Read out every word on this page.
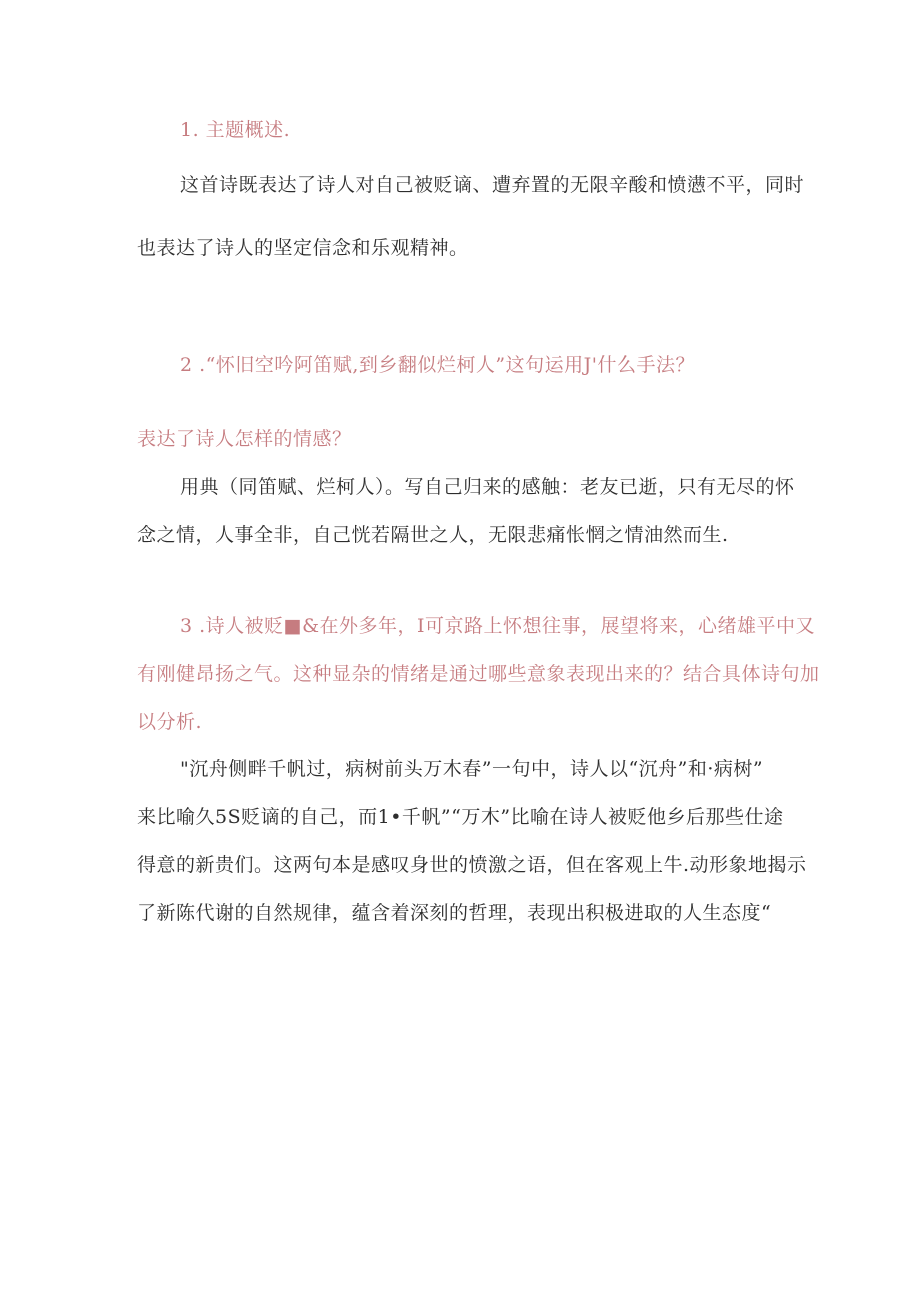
1. 主题概述.
这首诗既表达了诗人对自己被贬谪、遭弃置的无限辛酸和愤懑不平，同时
也表达了诗人的坚定信念和乐观精神。
2 .“怀旧空吟阿笛赋,到乡翻似烂柯人”这句运用J'什么手法？
表达了诗人怎样的情感？
用典（同笛赋、烂柯人）。写自己归来的感触：老友已逝，只有无尽的怀
念之情，人事全非，自己恍若隔世之人，无限悲痛怅惘之情油然而生.
3 .诗人被贬■&在外多年，I可京路上怀想往事，展望将来，心绪雄平中又
有刚健昂扬之气。这种显杂的情绪是通过哪些意象表现出来的？结合具体诗句加
以分析.
"沉舟侧畔千帆过，病树前头万木春”一句中，诗人以“沉舟”和·病树”
来比喻久5S贬谪的自己，而1•千帆”“万木”比喻在诗人被贬他乡后那些仕途
得意的新贵们。这两句本是感叹身世的愤激之语，但在客观上牛.动形象地揭示
了新陈代谢的自然规律，蕴含着深刻的哲理，表现出积极进取的人生态度“
